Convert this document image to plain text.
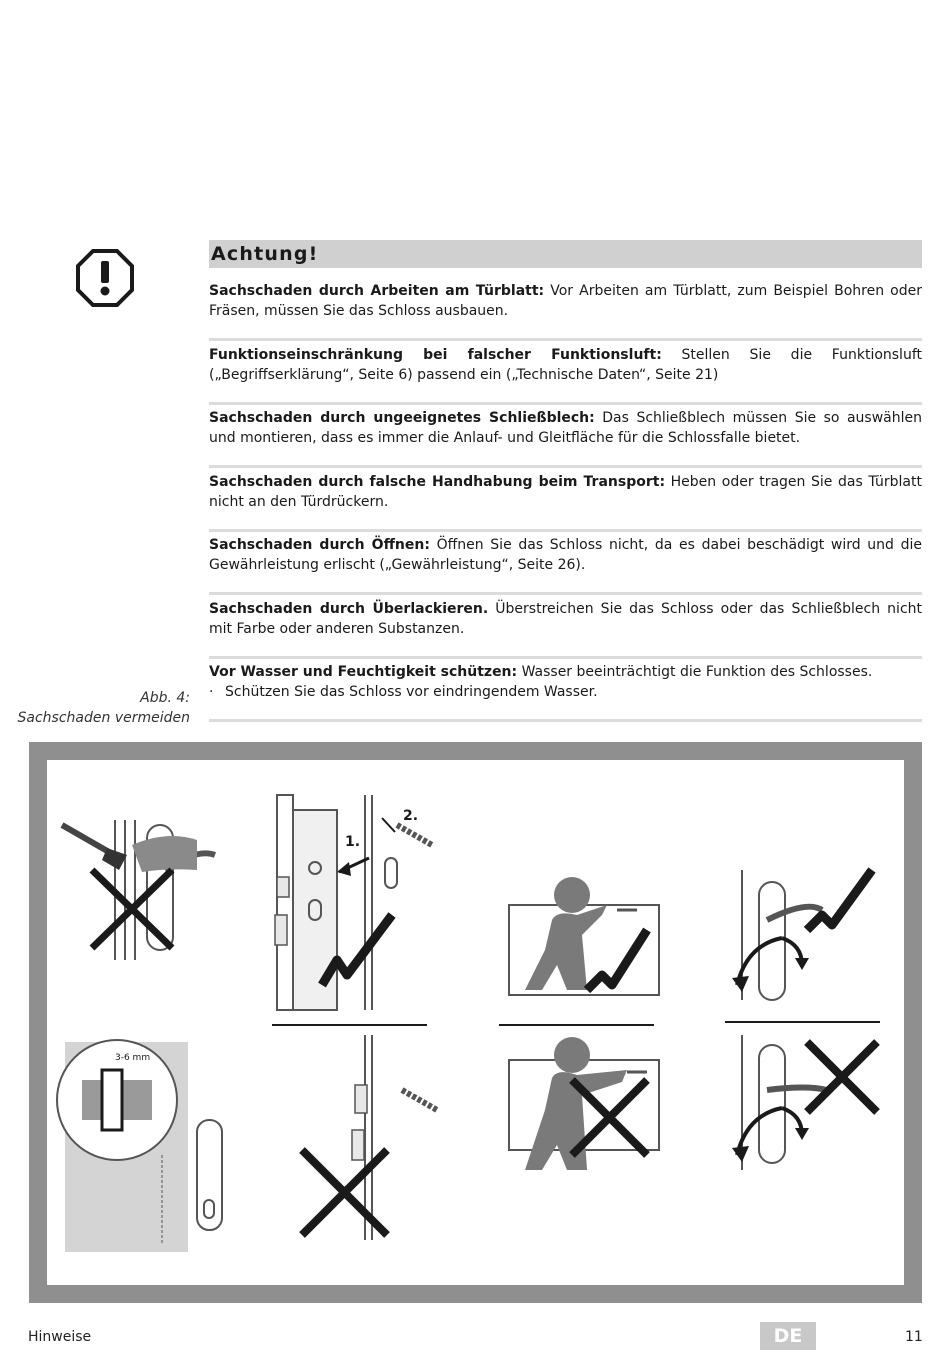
Achtung!

Sachschaden durch Arbeiten am Türblatt: Vor Arbeiten am Türblatt, zum Beispiel Bohren oder Fräsen, müssen Sie das Schloss ausbauen.

Funktionseinschränkung bei falscher Funktionsluft: Stellen Sie die Funktionsluft („Begriffserklärung“, Seite 6) passend ein („Technische Daten“, Seite 21)

Sachschaden durch ungeeignetes Schließblech: Das Schließblech müssen Sie so auswählen und montieren, dass es immer die Anlauf- und Gleitfläche für die Schlossfalle bietet.

Sachschaden durch falsche Handhabung beim Transport: Heben oder tragen Sie das Türblatt nicht an den Türdrückern.

Sachschaden durch Öffnen: Öffnen Sie das Schloss nicht, da es dabei beschädigt wird und die Gewährleistung erlischt („Gewährleistung“, Seite 26).

Sachschaden durch Überlackieren. Überstreichen Sie das Schloss oder das Schließblech nicht mit Farbe oder anderen Substanzen.

Vor Wasser und Feuchtigkeit schützen: Wasser beeinträchtigt die Funktion des Schlosses.

· Schützen Sie das Schloss vor eindringendem Wasser.

Abb. 4:
Sachschaden vermeiden
1.
2.
3-6 mm
Hinweise	DE	11
